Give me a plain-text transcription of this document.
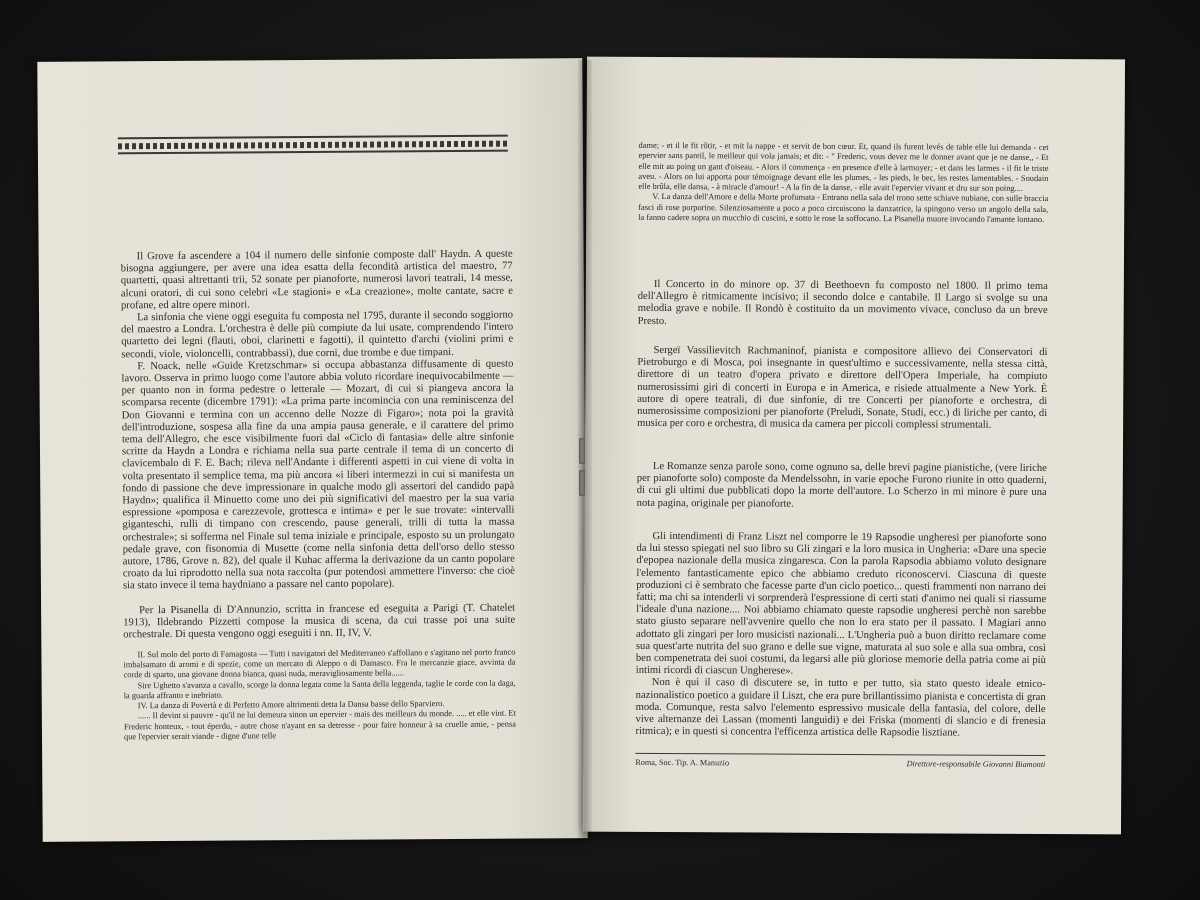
Il Grove fa ascendere a 104 il numero delle sinfonie composte dall' Haydn. A queste bisogna aggiungere, per avere una idea esatta della fecondità artistica del maestro, 77 quartetti, quasi altrettanti trii, 52 sonate per pianoforte, numerosi lavori teatrali, 14 messe, alcuni oratori, di cui sono celebri «Le stagioni» e «La creazione», molte cantate, sacre e profane, ed altre opere minori.

La sinfonia che viene oggi eseguita fu composta nel 1795, durante il secondo soggiorno del maestro a Londra. L'orchestra è delle più compiute da lui usate, comprendendo l'intero quartetto dei legni (flauti, oboi, clarinetti e fagotti), il quintetto d'archi (violini primi e secondi, viole, violoncelli, contrabbassi), due corni, due trombe e due timpani.

F. Noack, nelle «Guide Kretzschmar» si occupa abbastanza diffusamente di questo lavoro. Osserva in primo luogo come l'autore abbia voluto ricordare inequivocabilmente — per quanto non in forma pedestre o letterale — Mozart, di cui si piangeva ancora la scomparsa recente (dicembre 1791): «La prima parte incomincia con una reminiscenza del Don Giovanni e termina con un accenno delle Nozze di Figaro»; nota poi la gravità dell'introduzione, sospesa alla fine da una ampia pausa generale, e il carattere del primo tema dell'Allegro, che esce visibilmente fuori dal «Ciclo di fantasia» delle altre sinfonie scritte da Haydn a Londra e richiama nella sua parte centrale il tema di un concerto di clavicembalo di F. E. Bach; rileva nell'Andante i differenti aspetti in cui viene di volta in volta presentato il semplice tema, ma più ancora «i liberi intermezzi in cui si manifesta un fondo di passione che deve impressionare in qualche modo gli assertori del candido papà Haydn»; qualifica il Minuetto come uno dei più significativi del maestro per la sua varia espressione «pomposa e carezzevole, grottesca e intima» e per le sue trovate: «intervalli giganteschi, rulli di timpano con crescendo, pause generali, trilli di tutta la massa orchestrale»; si sofferma nel Finale sul tema iniziale e principale, esposto su un prolungato pedale grave, con fisonomia di Musette (come nella sinfonia detta dell'orso dello stesso autore, 1786, Grove n. 82), del quale il Kuhac afferma la derivazione da un canto popolare croato da lui riprodotto nella sua nota raccolta (pur potendosi ammettere l'inverso: che cioè sia stato invece il tema haydniano a passare nel canto popolare).

Per la Pisanella di D'Annunzio, scritta in francese ed eseguita a Parigi (T. Chatelet 1913), Ildebrando Pizzetti compose la musica di scena, da cui trasse poi una suite orchestrale. Di questa vengono oggi eseguiti i nn. II, IV, V.

II. Sul molo del porto di Famagosta — Tutti i navigatori del Mediterraneo s'affollano e s'agitano nel porto franco imbalsamato di aromi e di spezie, come un mercato di Aleppo o di Damasco. Fra le mercanzie giace, avvinta da corde di sparto, una giovane donna bianca, quasi nuda, meravigliosamente bella......

Sire Ughetto s'avanza a cavallo, scorge la donna legata come la Santa della leggenda, taglie le corde con la daga, la guarda affranto e inebriato.

IV. La danza di Povertà e di Perfetto Amore altrimenti detta la Dansa basse dello Sparviero.

...... Il devint si pauvre - qu'il ne lui demeura sinon un epervier - mais des meilleurs du monde. ..... et elle vint. Et Frederic honteux, - tout éperdu, - autre chose n'ayant en sa detresse - pour faire honneur à sa cruelle amie, - pensa que l'epervier serait viande - digne d'une telle

dame; - et il le fit rôtir, - et mit la nappe - et servit de bon cœur. Et, quand ils furent levés de table elle lui demanda - cet epervier sans pareil, le meilleur qui vola jamais; et dit: - " Frederic, vous devez me le donner avant que je ne danse,, - Et elle mit au poing un gant d'oiseau. - Alors il commença - en presence d'elle à larmoyer; - et dans les larmes - il fit le triste aveu. - Alors on lui apporta pour témoignage devant elle les plumes, - les pieds, le bec, les restes lamentables. - Soudain elle brûla, elle dansa, - à miracle d'amour! - A la fin de la danse, - elle avait l'epervier vivant et dru sur son poing....

V. La danza dell'Amore e della Morte profumata - Entrano nella sala del trono sette schiave nubiane, con sulle braccia fasci di rose porporine. Silenziosamente a poco a poco circuiscono la danzatrice, la spingono verso un angolo della sala, la fanno cadere sopra un mucchio di cuscini, e sotto le rose la soffocano. La Pisanella muore invocando l'amante lontano.

Il Concerto in do minore op. 37 di Beethoevn fu composto nel 1800. Il primo tema dell'Allegro è ritmicamente incisivo; il secondo dolce e cantabile. Il Largo si svolge su una melodia grave e nobile. Il Rondò è costituito da un movimento vivace, concluso da un breve Presto.

Sergeï Vassilievitch Rachmaninof, pianista e compositore allievo dei Conservatori di Pietroburgo e di Mosca, poi insegnante in quest'ultimo e successivamente, nella stessa città, direttore di un teatro d'opera privato e direttore dell'Opera Imperiale, ha compiuto numerosissimi giri di concerti in Europa e in America, e risiede attualmente a New York. È autore di opere teatrali, di due sinfonie, di tre Concerti per pianoforte e orchestra, di numerosissime composizioni per pianoforte (Preludi, Sonate, Studi, ecc.) di liriche per canto, di musica per coro e orchestra, di musica da camera per piccoli complessi strumentali.

Le Romanze senza parole sono, come ognuno sa, delle brevi pagine pianistiche, (vere liriche per pianoforte solo) composte da Mendelssohn, in varie epoche Furono riunite in otto quaderni, di cui gli ultimi due pubblicati dopo la morte dell'autore. Lo Scherzo in mi minore è pure una nota pagina, originale per pianoforte.

Gli intendimenti di Franz Liszt nel comporre le 19 Rapsodie ungheresi per pianoforte sono da lui stesso spiegati nel suo libro su Gli zingari e la loro musica in Ungheria: «Dare una specie d'epopea nazionale della musica zingaresca. Con la parola Rapsodia abbiamo voluto designare l'elemento fantasticamente epico che abbiamo creduto riconoscervi. Ciascuna di queste produzioni ci è sembrato che facesse parte d'un ciclo poetico... questi frammenti non narrano dei fatti; ma chi sa intenderli vi sorprenderà l'espressione di certi stati d'animo nei quali si riassume l'ideale d'una nazione.... Noi abbiamo chiamato queste rapsodie ungheresi perchè non sarebbe stato giusto separare nell'avvenire quello che non lo era stato per il passato. I Magiari anno adottato gli zingari per loro musicisti nazionali... L'Ungheria può a buon diritto reclamare come sua quest'arte nutrita del suo grano e delle sue vigne, maturata al suo sole e alla sua ombra, così ben compenetrata dei suoi costumi, da legarsi alle più gloriose memorie della patria come ai più intimi ricordi di ciascun Ungherese».

Non è qui il caso di discutere se, in tutto e per tutto, sia stato questo ideale etnico-nazionalistico poetico a guidare il Liszt, che era pure brillantissimo pianista e concertista di gran moda. Comunque, resta salvo l'elemento espressivo musicale della fantasia, del colore, delle vive alternanze dei Lassan (momenti languidi) e dei Friska (momenti di slancio e di frenesia ritmica); e in questi si concentra l'efficenza artistica delle Rapsodie lisztiane.

Roma, Soc. Tip. A. Manuzio	Direttore-responsabile Giovanni Biamonti
